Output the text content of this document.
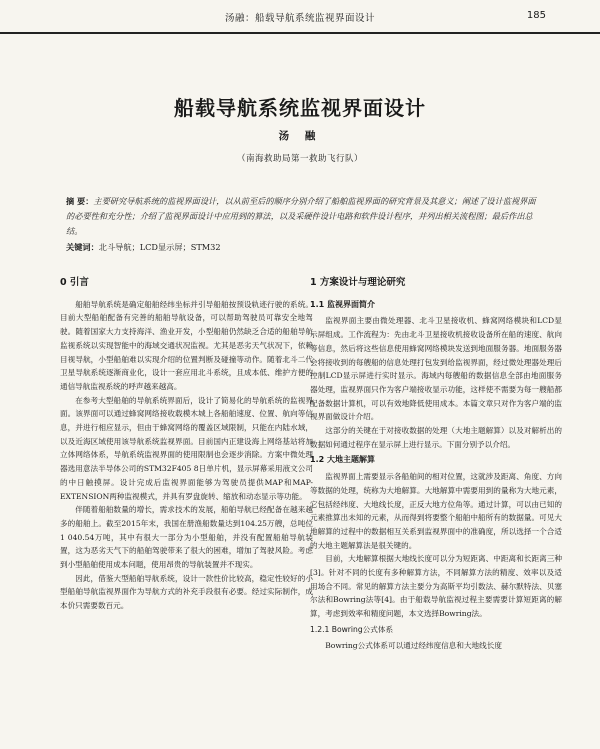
汤融：船载导航系统监视界面设计	185
船载导航系统监视界面设计
汤 融
（南海救助局第一救助飞行队）
摘 要：主要研究导航系统的监视界面设计，以从前至后的顺序分别介绍了船舶监视界面的研究背景及其意义；阐述了设计监视界面的必要性和充分性；介绍了监视界面设计中应用到的算法，以及采硬件设计电路和软件设计程序，并列出相关流程图；最后作出总结。
关键词：北斗导航；LCD显示屏；STM32
0 引言

船舶导航系统是确定船舶经纬坐标并引导船舶按预设轨迹行驶的系统。目前大型船舶配备有完善的船舶导航设备，可以帮助驾驶员可靠安全地驾驶。随着国家大力支持海洋、渔业开发，小型船舶仍然缺乏合适的船舶导航监视系统以实现智能中的海域交通状况监视。尤其是恶劣天气状况下，依赖目视导航，小型船舶难以实现介绍的位置判断及碰撞等动作。随着北斗二代卫星导航系统逐渐商业化，设计一套应用北斗系统，且成本低、维护方便的通信导航监视系统的呼声越来越高。

在参考大型船舶的导航系统界面后，设计了简易化的导航系统的监视界面。该界面可以通过蜂窝网络接收载模木城上各船舶速度、位置、航向等信息，并进行相应显示，但由于蜂窝网络的覆盖区域限制，只能在内陆水域，以及近海区域使用该导航系统监视界面。目前国内正建设海上网络基站将加立体网络体系，导航系统监视界面的使用限制也会逐步消除。方案中微处理器选用意法半导体公司的STM32F405 8日单片机，显示屏幕采用液文公司的中日触摸屏。设计完成后监视界面能够为驾驶员提供MAP和MAP-EXTENSION两种监视模式，并具有罗盘旋转、缩放和动态显示等功能。

伴随着船舶数量的增长，需求技术的发展，船舶导航已经配备在越来越多的船舶上。截至2015年末，我国在册渔船数量达到104.25万艘，总吨位1 040.54万吨，其中有很大一部分为小型船舶，并没有配置船舶导航装置，这为恶劣天气下的船舶驾驶带来了很大的困难，增加了驾驶风险。考虑到小型船舶使用成本问题，使用昂贵的导航装置并不现实。

因此，借鉴大型船舶导航系统，设计一款性价比较高，稳定性较好的小型船舶导航监视界面作为导航方式的补充手段很有必要。经过实际制作，成本价只需要数百元。

1 方案设计与理论研究
1.1 监视界面简介

监视界面主要由微处理器、北斗卫星接收机、蜂窝网络模块和LCD显示屏组成。工作流程为：先由北斗卫星接收机接收设备所在船的速度、航向等信息，然后将这些信息使用蜂窝网络模块发送到地面服务器。地面服务器会将接收到的每艘船的信息处理打包发到给监视界面，经过微处理器处理后控制LCD显示屏进行实时显示。海域内每艘船的数据信息全部由地面服务器处理，监视界面只作为客户端接收显示功能，这样使不需要为每一艘船都配备数据计算机，可以有效地降低使用成本。本篇文章只对作为客户端的监视界面做设计介绍。

这部分的关键在于对接收数据的处理（大地主题解算）以及对解析出的数据如何通过程序在显示屏上进行显示。下面分别予以介绍。

1.2 大地主题解算

监视界面上需要显示各船舶间的相对位置，这就涉及距离、角度、方向等数据的处理，统称为大地解算。大地解算中需要用到的量称为大地元素，它包括经纬度、大地线长度，正反大地方位角等。通过计算，可以由已知的元素推算出未知的元素，从而得到将要整个船舶中船所有的数据量。可见大地解算的过程中的数据相互关系到监视界面中的准确度，所以选择一个合适的大地主题解算法是很关键的。

目前，大地解算根据大地线长度可以分为短距离、中距离和长距离三种[3]。针对不同的长度有多种解算方法，不同解算方法的精度、效率以及适用场合不同。常见的解算方法主要分为高斯平均引数法、赫尔默特法、贝塞尔法和Bowring法等[4]。由于船载导航监视过程主要需要计算短距离的解算，考虑到效率和精度问题，本文选择Bowring法。

1.2.1 Bowring公式体系

Bowring公式体系可以通过经纬度信息和大地线长度
